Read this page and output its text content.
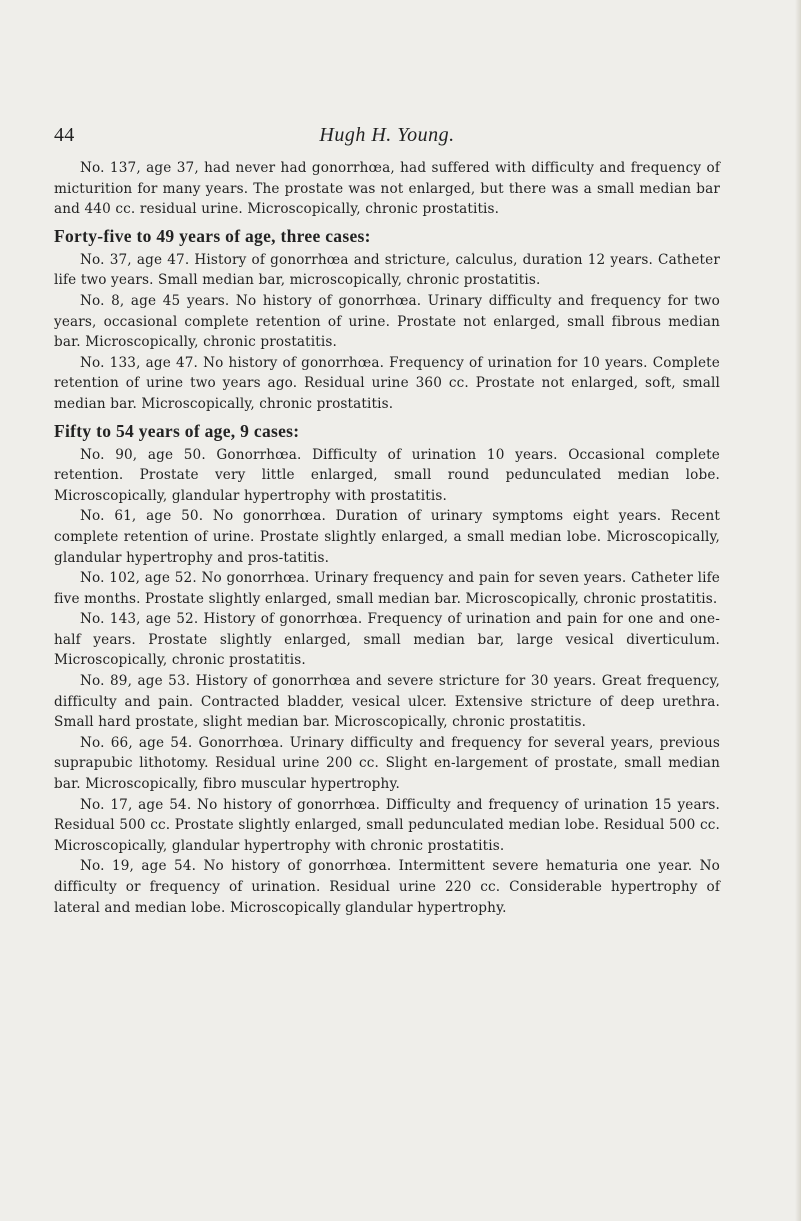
44	Hugh H. Young.

No. 137, age 37, had never had gonorrhœa, had suffered with difficulty and frequency of micturition for many years. The prostate was not enlarged, but there was a small median bar and 440 cc. residual urine. Microscopically, chronic prostatitis.

Forty-five to 49 years of age, three cases:

No. 37, age 47. History of gonorrhœa and stricture, calculus, duration 12 years. Catheter life two years. Small median bar, microscopically, chronic prostatitis.

No. 8, age 45 years. No history of gonorrhœa. Urinary difficulty and frequency for two years, occasional complete retention of urine. Prostate not enlarged, small fibrous median bar. Microscopically, chronic prostatitis.

No. 133, age 47. No history of gonorrhœa. Frequency of urination for 10 years. Complete retention of urine two years ago. Residual urine 360 cc. Prostate not enlarged, soft, small median bar. Microscopically, chronic prostatitis.

Fifty to 54 years of age, 9 cases:

No. 90, age 50. Gonorrhœa. Difficulty of urination 10 years. Occasional complete retention. Prostate very little enlarged, small round pedunculated median lobe. Microscopically, glandular hypertrophy with prostatitis.

No. 61, age 50. No gonorrhœa. Duration of urinary symptoms eight years. Recent complete retention of urine. Prostate slightly enlarged, a small median lobe. Microscopically, glandular hypertrophy and pros-tatitis.

No. 102, age 52. No gonorrhœa. Urinary frequency and pain for seven years. Catheter life five months. Prostate slightly enlarged, small median bar. Microscopically, chronic prostatitis.

No. 143, age 52. History of gonorrhœa. Frequency of urination and pain for one and one-half years. Prostate slightly enlarged, small median bar, large vesical diverticulum. Microscopically, chronic prostatitis.

No. 89, age 53. History of gonorrhœa and severe stricture for 30 years. Great frequency, difficulty and pain. Contracted bladder, vesical ulcer. Extensive stricture of deep urethra. Small hard prostate, slight median bar. Microscopically, chronic prostatitis.

No. 66, age 54. Gonorrhœa. Urinary difficulty and frequency for several years, previous suprapubic lithotomy. Residual urine 200 cc. Slight en-largement of prostate, small median bar. Microscopically, fibro muscular hypertrophy.

No. 17, age 54. No history of gonorrhœa. Difficulty and frequency of urination 15 years. Residual 500 cc. Prostate slightly enlarged, small pedunculated median lobe. Residual 500 cc. Microscopically, glandular hypertrophy with chronic prostatitis.

No. 19, age 54. No history of gonorrhœa. Intermittent severe hematuria one year. No difficulty or frequency of urination. Residual urine 220 cc. Considerable hypertrophy of lateral and median lobe. Microscopically glandular hypertrophy.
